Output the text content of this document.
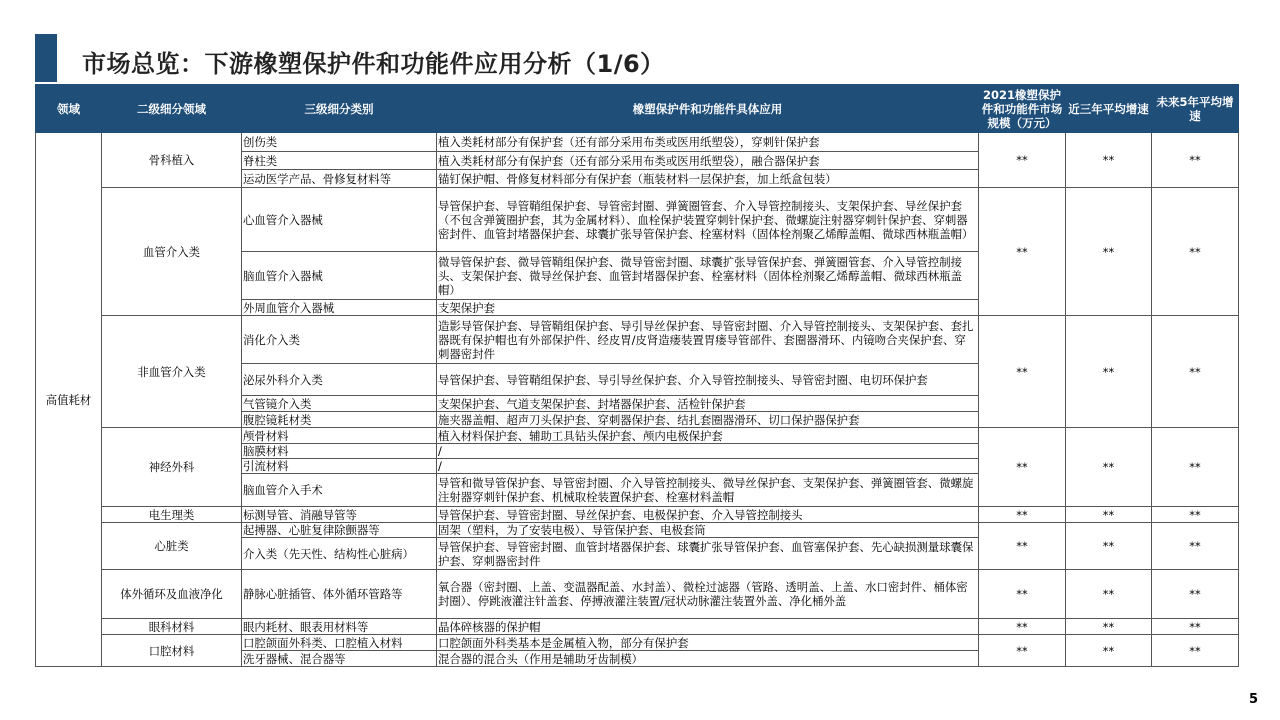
市场总览：下游橡塑保护件和功能件应用分析（1/6）
领域	二级细分领域	三级细分类别	橡塑保护件和功能件具体应用	2021橡塑保护件和功能件市场规模（万元）	近三年平均增速	未来5年平均增速
高值耗材	骨科植入	创伤类	植入类耗材部分有保护套（还有部分采用布类或医用纸塑袋），穿刺针保护套	**	**	**
		脊柱类	植入类耗材部分有保护套（还有部分采用布类或医用纸塑袋），融合器保护套			
		运动医学产品、骨修复材料等	锚钉保护帽、骨修复材料部分有保护套（瓶装材料一层保护套，加上纸盒包装）			
	血管介入类	心血管介入器械	导管保护套、导管鞘组保护套、导管密封圈、弹簧圈管套、介入导管控制接头、支架保护套、导丝保护套（不包含弹簧圈护套，其为金属材料）、血栓保护装置穿刺针保护套、微螺旋注射器穿刺针保护套、穿刺器密封件、血管封堵器保护套、球囊扩张导管保护套、栓塞材料（固体栓剂聚乙烯醇盖帽、微球西林瓶盖帽）	**	**	**
		脑血管介入器械	微导管保护套、微导管鞘组保护套、微导管密封圈、球囊扩张导管保护套、弹簧圈管套、介入导管控制接头、支架保护套、微导丝保护套、血管封堵器保护套、栓塞材料（固体栓剂聚乙烯醇盖帽、微球西林瓶盖帽）			
		外周血管介入器械	支架保护套			
	非血管介入类	消化介入类	造影导管保护套、导管鞘组保护套、导引导丝保护套、导管密封圈、介入导管控制接头、支架保护套、套扎器既有保护帽也有外部保护件、经皮胃/皮肾造瘘装置胃瘘导管部件、套圈器滑环、内镜吻合夹保护套、穿刺器密封件	**	**	**
		泌尿外科介入类	导管保护套、导管鞘组保护套、导引导丝保护套、介入导管控制接头、导管密封圈、电切环保护套			
		气管镜介入类	支架保护套、气道支架保护套、封堵器保护套、活检针保护套			
		腹腔镜耗材类	施夹器盖帽、超声刀头保护套、穿刺器保护套、结扎套圈器滑环、切口保护器保护套			
	神经外科	颅骨材料	植入材料保护套、辅助工具钻头保护套、颅内电极保护套	**	**	**
		脑膜材料	/			
		引流材料	/			
		脑血管介入手术	导管和微导管保护套、导管密封圈、介入导管控制接头、微导丝保护套、支架保护套、弹簧圈管套、微螺旋注射器穿刺针保护套、机械取栓装置保护套、栓塞材料盖帽			
	电生理类	标测导管、消融导管等	导管保护套、导管密封圈、导丝保护套、电极保护套、介入导管控制接头	**	**	**
	心脏类	起搏器、心脏复律除颤器等	固架（塑料，为了安装电极）、导管保护套、电极套筒	**	**	**
		介入类（先天性、结构性心脏病）	导管保护套、导管密封圈、血管封堵器保护套、球囊扩张导管保护套、血管塞保护套、先心缺损测量球囊保护套、穿刺器密封件			
	体外循环及血液净化	静脉心脏插管、体外循环管路等	氧合器（密封圈、上盖、变温器配盖、水封盖）、微栓过滤器（管路、透明盖、上盖、水口密封件、桶体密封圈）、停跳液灌注针盖套、停搏液灌注装置/冠状动脉灌注装置外盖、净化桶外盖	**	**	**
	眼科材料	眼内耗材、眼表用材料等	晶体碎核器的保护帽	**	**	**
	口腔材料	口腔颌面外科类、口腔植入材料	口腔颌面外科类基本是金属植入物，部分有保护套	**	**	**
		洗牙器械、混合器等	混合器的混合头（作用是辅助牙齿制模）			
5
